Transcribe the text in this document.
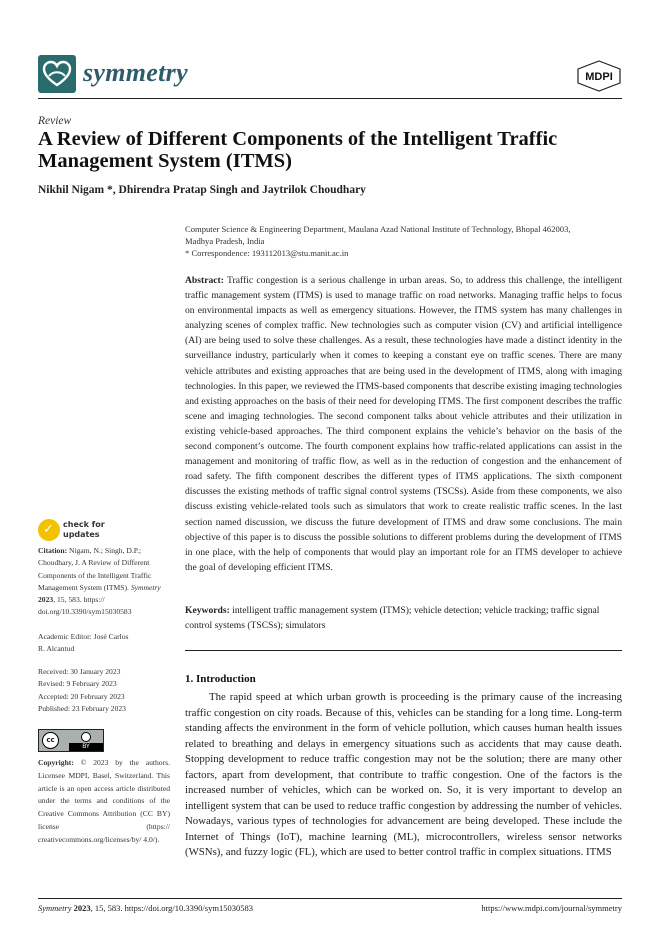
symmetry	MDPI
Review
A Review of Different Components of the Intelligent Traffic Management System (ITMS)
Nikhil Nigam *, Dhirendra Pratap Singh and Jaytrilok Choudhary
Computer Science & Engineering Department, Maulana Azad National Institute of Technology, Bhopal 462003,
Madhya Pradesh, India
* Correspondence: 193112013@stu.manit.ac.in
Abstract: Traffic congestion is a serious challenge in urban areas. So, to address this challenge, the intelligent traffic management system (ITMS) is used to manage traffic on road networks. Managing traffic helps to focus on environmental impacts as well as emergency situations. However, the ITMS system has many challenges in analyzing scenes of complex traffic. New technologies such as computer vision (CV) and artificial intelligence (AI) are being used to solve these challenges. As a result, these technologies have made a distinct identity in the surveillance industry, particularly when it comes to keeping a constant eye on traffic scenes. There are many vehicle attributes and existing approaches that are being used in the development of ITMS, along with imaging technologies. In this paper, we reviewed the ITMS-based components that describe existing imaging technologies and existing approaches on the basis of their need for developing ITMS. The first component describes the traffic scene and imaging technologies. The second component talks about vehicle attributes and their utilization in existing vehicle-based approaches. The third component explains the vehicle’s behavior on the basis of the second component’s outcome. The fourth component explains how traffic-related applications can assist in the management and monitoring of traffic flow, as well as in the reduction of congestion and the enhancement of road safety. The fifth component describes the different types of ITMS applications. The sixth component discusses the existing methods of traffic signal control systems (TSCSs). Aside from these components, we also discuss existing vehicle-related tools such as simulators that work to create realistic traffic scenes. In the last section named discussion, we discuss the future development of ITMS and draw some conclusions. The main objective of this paper is to discuss the possible solutions to different problems during the development of ITMS in one place, with the help of components that would play an important role for an ITMS developer to achieve the goal of developing efficient ITMS.
Keywords: intelligent traffic management system (ITMS); vehicle detection; vehicle tracking; traffic signal control systems (TSCSs); simulators
1. Introduction
The rapid speed at which urban growth is proceeding is the primary cause of the increasing traffic congestion on city roads. Because of this, vehicles can be standing for a long time. Long-term standing affects the environment in the form of vehicle pollution, which causes human health issues related to breathing and delays in emergency situations such as accidents that may cause death. Stopping development to reduce traffic congestion may not be the solution; there are many other factors, apart from development, that contribute to traffic congestion. One of the factors is the increased number of vehicles, which can be worked on. So, it is very important to develop an intelligent system that can be used to reduce traffic congestion by addressing the number of vehicles. Nowadays, various types of technologies for advancement are being developed. These include the Internet of Things (IoT), machine learning (ML), microcontrollers, wireless sensor networks (WSNs), and fuzzy logic (FL), which are used to better control traffic in complex situations. ITMS
✓ check for
updates
Citation: Nigam, N.; Singh, D.P.; Choudhary, J. A Review of Different Components of the Intelligent Traffic Management System (ITMS). Symmetry 2023, 15, 583. https:// doi.org/10.3390/sym15030583
Academic Editor: José Carlos
R. Alcantud
Received: 30 January 2023
Revised: 9 February 2023
Accepted: 20 February 2023
Published: 23 February 2023
cc
BY
Copyright: © 2023 by the authors. Licensee MDPI, Basel, Switzerland. This article is an open access article distributed under the terms and conditions of the Creative Commons Attribution (CC BY) license (https:// creativecommons.org/licenses/by/ 4.0/).
Symmetry 2023, 15, 583. https://doi.org/10.3390/sym15030583	https://www.mdpi.com/journal/symmetry
